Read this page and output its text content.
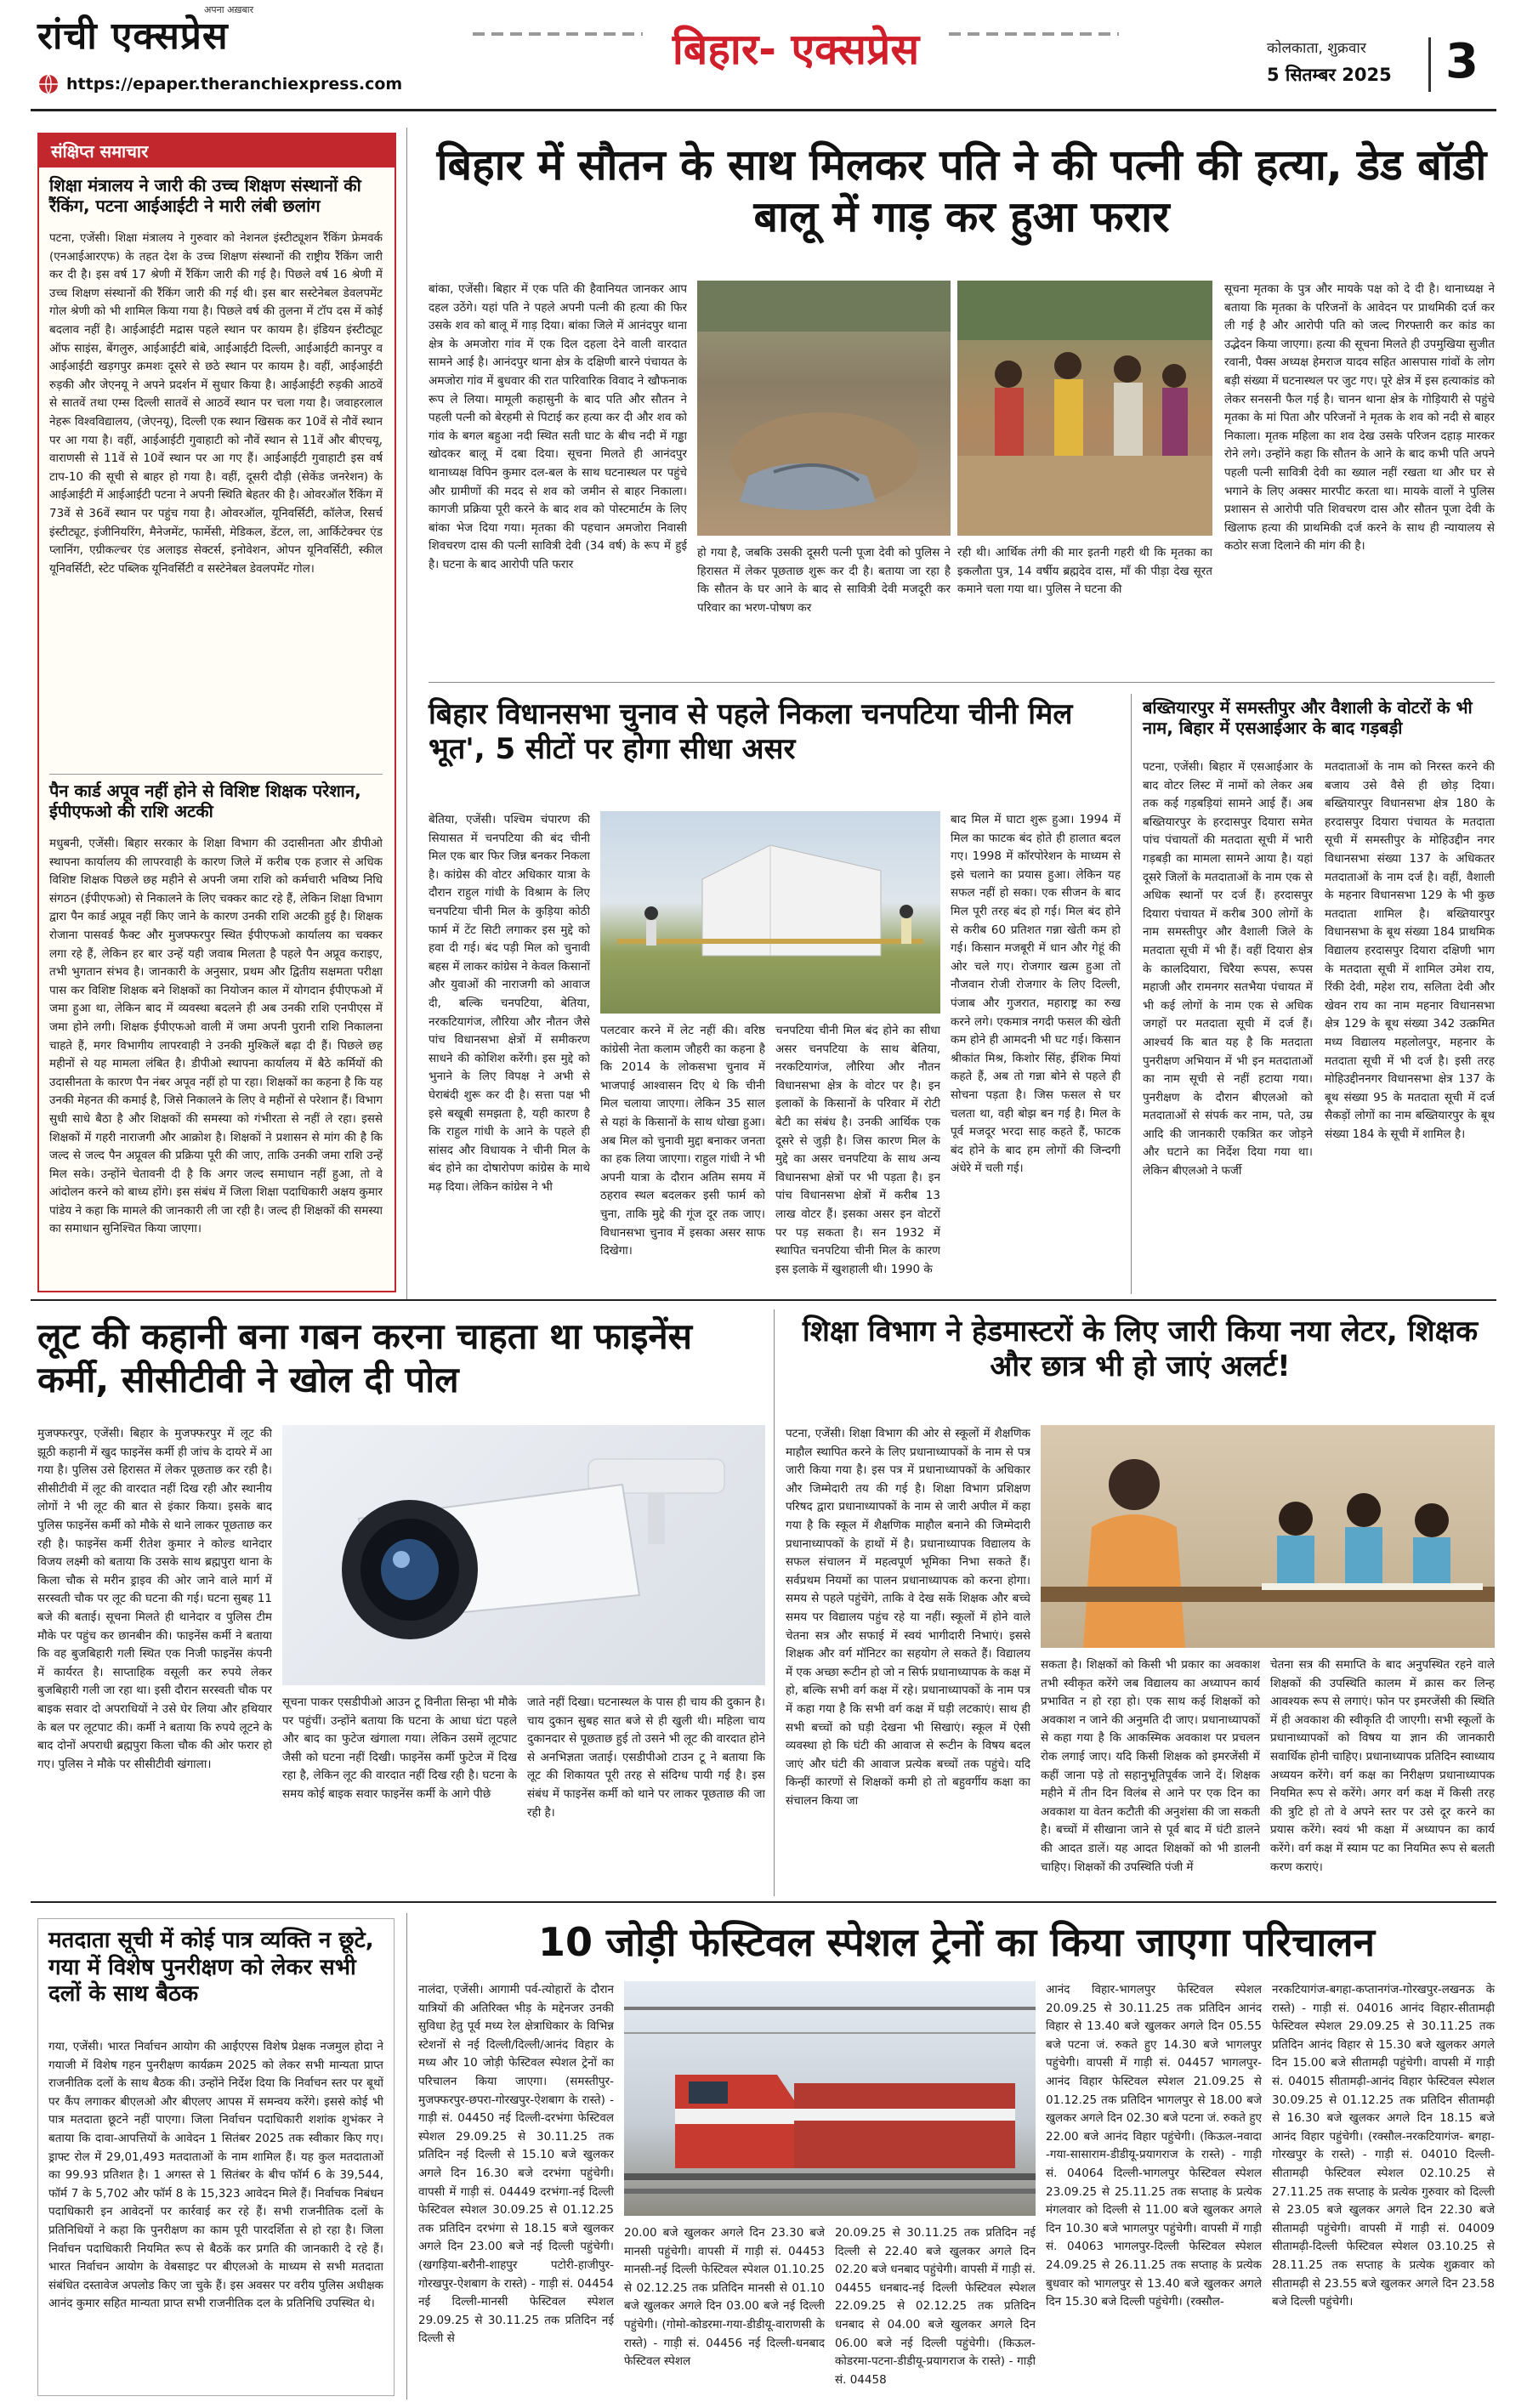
रांची एक्सप्रेस
अपना अख़बार
https://epaper.theranchiexpress.com
बिहार- एक्सप्रेस	कोलकाता, शुक्रवार
5 सितम्बर 2025 3
संक्षिप्त समाचार
शिक्षा मंत्रालय ने जारी की उच्च शिक्षण संस्थानों की रैंकिंग, पटना आईआईटी ने मारी लंबी छलांग
पटना, एजेंसी। शिक्षा मंत्रालय ने गुरुवार को नेशनल इंस्टीट्यूशन रैंकिंग फ्रेमवर्क (एनआईआरएफ) के तहत देश के उच्च शिक्षण संस्थानों की राष्ट्रीय रैंकिंग जारी कर दी है। इस वर्ष 17 श्रेणी में रैंकिंग जारी की गई है। पिछले वर्ष 16 श्रेणी में उच्च शिक्षण संस्थानों की रैंकिंग जारी की गई थी। इस बार सस्टेनेबल डेवलपमेंट गोल श्रेणी को भी शामिल किया गया है। पिछले वर्ष की तुलना में टॉप दस में कोई बदलाव नहीं है। आईआईटी मद्रास पहले स्थान पर कायम है। इंडियन इंस्टीट्यूट ऑफ साइंस, बेंगलुरु, आईआईटी बांबे, आईआईटी दिल्ली, आईआईटी कानपुर व आईआईटी खड़गपुर क्रमशः दूसरे से छठे स्थान पर कायम है। वहीं, आईआईटी रुड़की और जेएनयू ने अपने प्रदर्शन में सुधार किया है। आईआईटी रुड़की आठवें से सातवें तथा एम्स दिल्ली सातवें से आठवें स्थान पर चला गया है। जवाहरलाल नेहरू विश्वविद्यालय, (जेएनयू), दिल्ली एक स्थान खिसक कर 10वें से नौवें स्थान पर आ गया है। वहीं, आईआईटी गुवाहाटी को नौवें स्थान से 11वें और बीएचयू, वाराणसी से 11वें से 10वें स्थान पर आ गए हैं। आईआईटी गुवाहाटी इस वर्ष टाप-10 की सूची से बाहर हो गया है। वहीं, दूसरी दौड़ी (सेकेंड जनरेशन) के आईआईटी में आईआईटी पटना ने अपनी स्थिति बेहतर की है। ओवरऑल रैंकिंग में 73वें से 36वें स्थान पर पहुंच गया है। ओवरऑल, यूनिवर्सिटी, कॉलेज, रिसर्च इंस्टीट्यूट, इंजीनियरिंग, मैनेजमेंट, फार्मेसी, मेडिकल, डेंटल, ला, आर्किटेक्चर एंड प्लानिंग, एग्रीकल्चर एंड अलाइड सेक्टर्स, इनोवेशन, ओपन यूनिवर्सिटी, स्कील यूनिवर्सिटी, स्टेट पब्लिक यूनिवर्सिटी व सस्टेनेबल डेवलपमेंट गोल।
पैन कार्ड अपूव नहीं होने से विशिष्ट शिक्षक परेशान, ईपीएफओ की राशि अटकी
मधुबनी, एजेंसी। बिहार सरकार के शिक्षा विभाग की उदासीनता और डीपीओ स्थापना कार्यालय की लापरवाही के कारण जिले में करीब एक हजार से अधिक विशिष्ट शिक्षक पिछले छह महीने से अपनी जमा राशि को कर्मचारी भविष्य निधि संगठन (ईपीएफओ) से निकालने के लिए चक्कर काट रहे हैं, लेकिन शिक्षा विभाग द्वारा पैन कार्ड अप्रूव नहीं किए जाने के कारण उनकी राशि अटकी हुई है। शिक्षक रोजाना पासवर्ड फैक्ट और मुजफ्फरपुर स्थित ईपीएफओ कार्यालय का चक्कर लगा रहे हैं, लेकिन हर बार उन्हें यही जवाब मिलता है पहले पैन अप्रूव कराइए, तभी भुगतान संभव है। जानकारी के अनुसार, प्रथम और द्वितीय सक्षमता परीक्षा पास कर विशिष्ट शिक्षक बने शिक्षकों का नियोजन काल में योगदान ईपीएफओ में जमा हुआ था, लेकिन बाद में व्यवस्था बदलने ही अब उनकी राशि एनपीएस में जमा होने लगी। शिक्षक ईपीएफओ वाली में जमा अपनी पुरानी राशि निकालना चाहते हैं, मगर विभागीय लापरवाही ने उनकी मुश्किलें बढ़ा दी हैं। पिछले छह महीनों से यह मामला लंबित है। डीपीओ स्थापना कार्यालय में बैठे कर्मियों की उदासीनता के कारण पैन नंबर अपूव नहीं हो पा रहा। शिक्षकों का कहना है कि यह उनकी मेहनत की कमाई है, जिसे निकालने के लिए वे महीनों से परेशान हैं। विभाग सुधी साधे बैठा है और शिक्षकों की समस्या को गंभीरता से नहीं ले रहा। इससे शिक्षकों में गहरी नाराजगी और आक्रोश है। शिक्षकों ने प्रशासन से मांग की है कि जल्द से जल्द पैन अप्रूवल की प्रक्रिया पूरी की जाए, ताकि उनकी जमा राशि उन्हें मिल सके। उन्होंने चेतावनी दी है कि अगर जल्द समाधान नहीं हुआ, तो वे आंदोलन करने को बाध्य होंगे। इस संबंध में जिला शिक्षा पदाधिकारी अक्षय कुमार पांडेय ने कहा कि मामले की जानकारी ली जा रही है। जल्द ही शिक्षकों की समस्या का समाधान सुनिश्चित किया जाएगा।
बिहार में सौतन के साथ मिलकर पति ने की पत्नी की हत्या, डेड बॉडी बालू में गाड़ कर हुआ फरार
बांका, एजेंसी। बिहार में एक पति की हैवानियत जानकर आप दहल उठेंगे। यहां पति ने पहले अपनी पत्नी की हत्या की फिर उसके शव को बालू में गाड़ दिया। बांका जिले में आनंदपुर थाना क्षेत्र के अमजोरा गांव में एक दिल दहला देने वाली वारदात सामने आई है। आनंदपुर थाना क्षेत्र के दक्षिणी बारने पंचायत के अमजोरा गांव में बुधवार की रात पारिवारिक विवाद ने खौफनाक रूप ले लिया। मामूली कहासुनी के बाद पति और सौतन ने पहली पत्नी को बेरहमी से पिटाई कर हत्या कर दी और शव को गांव के बगल बहुआ नदी स्थित सती घाट के बीच नदी में गड्ढा खोदकर बालू में दबा दिया। सूचना मिलते ही आनंदपुर थानाध्यक्ष विपिन कुमार दल-बल के साथ घटनास्थल पर पहुंचे और ग्रामीणों की मदद से शव को जमीन से बाहर निकाला। कागजी प्रक्रिया पूरी करने के बाद शव को पोस्टमार्टम के लिए बांका भेज दिया गया। मृतका की पहचान अमजोरा निवासी शिवचरण दास की पत्नी सावित्री देवी (34 वर्ष) के रूप में हुई है। घटना के बाद आरोपी पति फरार
हो गया है, जबकि उसकी दूसरी पत्नी पूजा देवी को पुलिस ने हिरासत में लेकर पूछताछ शुरू कर दी है। बताया जा रहा है कि सौतन के घर आने के बाद से सावित्री देवी मजदूरी कर परिवार का भरण-पोषण कर
रही थी। आर्थिक तंगी की मार इतनी गहरी थी कि मृतका का इकलौता पुत्र, 14 वर्षीय ब्रह्मदेव दास, माँ की पीड़ा देख सूरत कमाने चला गया था। पुलिस ने घटना की
सूचना मृतका के पुत्र और मायके पक्ष को दे दी है। थानाध्यक्ष ने बताया कि मृतका के परिजनों के आवेदन पर प्राथमिकी दर्ज कर ली गई है और आरोपी पति को जल्द गिरफ्तारी कर कांड का उद्भेदन किया जाएगा। हत्या की सूचना मिलते ही उपमुखिया सुजीत रवानी, पैक्स अध्यक्ष हेमराज यादव सहित आसपास गांवों के लोग बड़ी संख्या में घटनास्थल पर जुट गए। पूरे क्षेत्र में इस हत्याकांड को लेकर सनसनी फैल गई है। चानन थाना क्षेत्र के गोड़ियारी से पहुंचे मृतका के मां पिता और परिजनों ने मृतक के शव को नदी से बाहर निकाला। मृतक महिला का शव देख उसके परिजन दहाड़ मारकर रोने लगे। उन्होंने कहा कि सौतन के आने के बाद कभी पति अपने पहली पत्नी सावित्री देवी का ख्याल नहीं रखता था और घर से भगाने के लिए अक्सर मारपीट करता था। मायके वालों ने पुलिस प्रशासन से आरोपी पति शिवचरण दास और सौतन पूजा देवी के खिलाफ हत्या की प्राथमिकी दर्ज करने के साथ ही न्यायालय से कठोर सजा दिलाने की मांग की है।
बिहार विधानसभा चुनाव से पहले निकला चनपटिया चीनी मिल भूत', 5 सीटों पर होगा सीधा असर
बेतिया, एजेंसी। पश्चिम चंपारण की सियासत में चनपटिया की बंद चीनी मिल एक बार फिर जिन्न बनकर निकला है। कांग्रेस की वोटर अधिकार यात्रा के दौरान राहुल गांधी के विश्राम के लिए चनपटिया चीनी मिल के कुड़िया कोठी फार्म में टेंट सिटी लगाकर इस मुद्दे को हवा दी गई। बंद पड़ी मिल को चुनावी बहस में लाकर कांग्रेस ने केवल किसानों और युवाओं की नाराजगी को आवाज दी, बल्कि चनपटिया, बेतिया, नरकटियागंज, लौरिया और नौतन जैसे पांच विधानसभा क्षेत्रों में समीकरण साधने की कोशिश करेंगी। इस मुद्दे को भुनाने के लिए विपक्ष ने अभी से घेराबंदी शुरू कर दी है। सत्ता पक्ष भी इसे बखूबी समझता है, यही कारण है कि राहुल गांधी के आने के पहले ही सांसद और विधायक ने चीनी मिल के बंद होने का दोषारोपण कांग्रेस के माथे मढ़ दिया। लेकिन कांग्रेस ने भी
पलटवार करने में लेट नहीं की। वरिष्ठ कांग्रेसी नेता कलाम जौहरी का कहना है कि 2014 के लोकसभा चुनाव में भाजपाई आश्वासन दिए थे कि चीनी मिल चलाया जाएगा। लेकिन 35 साल से यहां के किसानों के साथ धोखा हुआ। अब मिल को चुनावी मुद्दा बनाकर जनता का हक लिया जाएगा। राहुल गांधी ने भी अपनी यात्रा के दौरान अतिम समय में ठहराव स्थल बदलकर इसी फार्म को चुना, ताकि मुद्दे की गूंज दूर तक जाए। विधानसभा चुनाव में इसका असर साफ दिखेगा।
चनपटिया चीनी मिल बंद होने का सीधा असर चनपटिया के साथ बेतिया, नरकटियागंज, लौरिया और नौतन विधानसभा क्षेत्र के वोटर पर है। इन इलाकों के किसानों के परिवार में रोटी बेटी का संबंध है। उनकी आर्थिक एक दूसरे से जुड़ी है। जिस कारण मिल के मुद्दे का असर चनपटिया के साथ अन्य विधानसभा क्षेत्रों पर भी पड़ता है। इन पांच विधानसभा क्षेत्रों में करीब 13 लाख वोटर हैं। इसका असर इन वोटरों पर पड़ सकता है। सन 1932 में स्थापित चनपटिया चीनी मिल के कारण इस इलाके में खुशहाली थी। 1990 के
बाद मिल में घाटा शुरू हुआ। 1994 में मिल का फाटक बंद होते ही हालात बदल गए। 1998 में कॉरपोरेशन के माध्यम से इसे चलाने का प्रयास हुआ। लेकिन यह सफल नहीं हो सका। एक सीजन के बाद मिल पूरी तरह बंद हो गई। मिल बंद होने से करीब 60 प्रतिशत गन्ना खेती कम हो गई। किसान मजबूरी में धान और गेहूं की ओर चले गए। रोजगार खत्म हुआ तो नौजवान रोजी रोजगार के लिए दिल्ली, पंजाब और गुजरात, महाराष्ट्र का रुख करने लगे। एकमात्र नगदी फसल की खेती कम होने ही आमदनी भी घट गई। किसान श्रीकांत मिश्र, किशोर सिंह, ईशिक मियां कहते हैं, अब तो गन्ना बोने से पहले ही सोचना पड़ता है। जिस फसल से घर चलता था, वही बोझ बन गई है। मिल के पूर्व मजदूर भरदा साह कहते हैं, फाटक बंद होने के बाद हम लोगों की जिन्दगी अंधेरे में चली गई।
बख्तियारपुर में समस्तीपुर और वैशाली के वोटरों के भी नाम, बिहार में एसआईआर के बाद गड़बड़ी
पटना, एजेंसी। बिहार में एसआईआर के बाद वोटर लिस्ट में नामों को लेकर अब तक कई गड़बड़ियां सामने आई हैं। अब बख्तियारपुर के हरदासपुर दियारा समेत पांच पंचायतों की मतदाता सूची में भारी गड़बड़ी का मामला सामने आया है। यहां दूसरे जिलों के मतदाताओं के नाम एक से अधिक स्थानों पर दर्ज हैं। हरदासपुर दियारा पंचायत में करीब 300 लोगों के नाम समस्तीपुर और वैशाली जिले के मतदाता सूची में भी हैं। वहीं दियारा क्षेत्र के कालदियारा, चिरैया रूपस, रूपस महाजी और रामनगर सतभैया पंचायत में भी कई लोगों के नाम एक से अधिक जगहों पर मतदाता सूची में दर्ज हैं। आश्चर्य कि बात यह है कि मतदाता पुनरीक्षण अभियान में भी इन मतदाताओं का नाम सूची से नहीं हटाया गया। पुनरीक्षण के दौरान बीएलओ को मतदाताओं से संपर्क कर नाम, पते, उम्र आदि की जानकारी एकत्रित कर जोड़ने और घटाने का निर्देश दिया गया था। लेकिन बीएलओ ने फर्जी
मतदाताओं के नाम को निरस्त करने की बजाय उसे वैसे ही छोड़ दिया। बख्तियारपुर विधानसभा क्षेत्र 180 के हरदासपुर दियारा पंचायत के मतदाता सूची में समस्तीपुर के मोहिउद्दीन नगर विधानसभा संख्या 137 के अधिकतर मतदाताओं के नाम दर्ज है। वहीं, वैशाली के महनार विधानसभा 129 के भी कुछ मतदाता शामिल है। बख्तियारपुर विधानसभा के बूथ संख्या 184 प्राथमिक विद्यालय हरदासपुर दियारा दक्षिणी भाग के मतदाता सूची में शामिल उमेश राय, रिंकी देवी, महेश राय, सलिता देवी और खेवन राय का नाम महनार विधानसभा क्षेत्र 129 के बूथ संख्या 342 उत्क्रमित मध्य विद्यालय महलोलपुर, महनार के मतदाता सूची में भी दर्ज है। इसी तरह मोहिउद्दीननगर विधानसभा क्षेत्र 137 के बूथ संख्या 95 के मतदाता सूची में दर्ज सैकड़ों लोगों का नाम बख्तियारपुर के बूथ संख्या 184 के सूची में शामिल है।
लूट की कहानी बना गबन करना चाहता था फाइनेंस कर्मी, सीसीटीवी ने खोल दी पोल
मुजफ्फरपुर, एजेंसी। बिहार के मुजफ्फरपुर में लूट की झूठी कहानी में खुद फाइनेंस कर्मी ही जांच के दायरे में आ गया है। पुलिस उसे हिरासत में लेकर पूछताछ कर रही है। सीसीटीवी में लूट की वारदात नहीं दिख रही और स्थानीय लोगों ने भी लूट की बात से इंकार किया। इसके बाद पुलिस फाइनेंस कर्मी को मौके से थाने लाकर पूछताछ कर रही है। फाइनेंस कर्मी रीतेश कुमार ने कोल्ड थानेदार विजय लक्ष्मी को बताया कि उसके साथ ब्रह्मपुरा थाना के किला चौक से मरीन ड्राइव की ओर जाने वाले मार्ग में सरस्वती चौक पर लूट की घटना की गई। घटना सुबह 11 बजे की बताई। सूचना मिलते ही थानेदार व पुलिस टीम मौके पर पहुंच कर छानबीन की। फाइनेंस कर्मी ने बताया कि वह बुजबिहारी गली स्थित एक निजी फाइनेंस कंपनी में कार्यरत है। साप्ताहिक वसूली कर रुपये लेकर बुजबिहारी गली जा रहा था। इसी दौरान सरस्वती चौक पर बाइक सवार दो अपराधियों ने उसे घेर लिया और हथियार के बल पर लूटपाट की। कर्मी ने बताया कि रुपये लूटने के बाद दोनों अपराधी ब्रह्मपुरा किला चौक की ओर फरार हो गए। पुलिस ने मौके पर सीसीटीवी खंगाला।
सूचना पाकर एसडीपीओ आउन टू विनीता सिन्हा भी मौके पर पहुंचीं। उन्होंने बताया कि घटना के आधा घंटा पहले और बाद का फुटेज खंगाला गया। लेकिन उसमें लूटपाट जैसी को घटना नहीं दिखी। फाइनेंस कर्मी फुटेज में दिख रहा है, लेकिन लूट की वारदात नहीं दिख रही है। घटना के समय कोई बाइक सवार फाइनेंस कर्मी के आगे पीछे
जाते नहीं दिखा। घटनास्थल के पास ही चाय की दुकान है। चाय दुकान सुबह सात बजे से ही खुली थी। महिला चाय दुकानदार से पूछताछ हुई तो उसने भी लूट की वारदात होने से अनभिज्ञता जताई। एसडीपीओ टाउन टू ने बताया कि लूट की शिकायत पूरी तरह से संदिग्ध पायी गई है। इस संबंध में फाइनेंस कर्मी को थाने पर लाकर पूछताछ की जा रही है।
शिक्षा विभाग ने हेडमास्टरों के लिए जारी किया नया लेटर, शिक्षक और छात्र भी हो जाएं अलर्ट!
पटना, एजेंसी। शिक्षा विभाग की ओर से स्कूलों में शैक्षणिक माहौल स्थापित करने के लिए प्रधानाध्यापकों के नाम से पत्र जारी किया गया है। इस पत्र में प्रधानाध्यापकों के अधिकार और जिम्मेदारी तय की गई है। शिक्षा विभाग प्रशिक्षण परिषद द्वारा प्रधानाध्यापकों के नाम से जारी अपील में कहा गया है कि स्कूल में शैक्षणिक माहौल बनाने की जिम्मेदारी प्रधानाध्यापकों के हाथों में है। प्रधानाध्यापक विद्यालय के सफल संचालन में महत्वपूर्ण भूमिका निभा सकते हैं। सर्वप्रथम नियमों का पालन प्रधानाध्यापक को करना होगा। समय से पहले पहुंचेंगे, ताकि वे देख सकें शिक्षक और बच्चे समय पर विद्यालय पहुंच रहे या नहीं। स्कूलों में होने वाले चेतना सत्र और सफाई में स्वयं भागीदारी निभाएं। इससे शिक्षक और वर्ग मॉनिटर का सहयोग ले सकते हैं। विद्यालय में एक अच्छा रूटीन हो जो न सिर्फ प्रधानाध्यापक के कक्ष में हो, बल्कि सभी वर्ग कक्ष में रहे। प्रधानाध्यापकों के नाम पत्र में कहा गया है कि सभी वर्ग कक्ष में घड़ी लटकाएं। साथ ही सभी बच्चों को घड़ी देखना भी सिखाएं। स्कूल में ऐसी व्यवस्था हो कि घंटी की आवाज से रूटीन के विषय बदल जाएं और घंटी की आवाज प्रत्येक बच्चों तक पहुंचे। यदि किन्हीं कारणों से शिक्षकों कमी हो तो बहुवर्गीय कक्षा का संचालन किया जा
सकता है। शिक्षकों को किसी भी प्रकार का अवकाश तभी स्वीकृत करेंगे जब विद्यालय का अध्यापन कार्य प्रभावित न हो रहा हो। एक साथ कई शिक्षकों को अवकाश न जाने की अनुमति दी जाए। प्रधानाध्यापकों से कहा गया है कि आकस्मिक अवकाश पर प्रचलन रोक लगाई जाए। यदि किसी शिक्षक को इमरजेंसी में कहीं जाना पड़े तो सहानुभूतिपूर्वक जाने दें। शिक्षक महीने में तीन दिन विलंब से आने पर एक दिन का अवकाश या वेतन कटौती की अनुशंसा की जा सकती है। बच्चों में सीखाना जाने से पूर्व बाद में घंटी डालने की आदत डालें। यह आदत शिक्षकों को भी डालनी चाहिए। शिक्षकों की उपस्थिति पंजी में
चेतना सत्र की समाप्ति के बाद अनुपस्थित रहने वाले शिक्षकों की उपस्थिति कालम में क्रास कर लिन्ह आवश्यक रूप से लगाएं। फोन पर इमरजेंसी की स्थिति में ही अवकाश की स्वीकृति दी जाएगी। सभी स्कूलों के प्रधानाध्यापकों को विषय या ज्ञान की जानकारी सवार्धिक होनी चाहिए। प्रधानाध्यापक प्रतिदिन स्वाध्याय अध्ययन करेंगे। वर्ग कक्ष का निरीक्षण प्रधानाध्यापक नियमित रूप से करेंगे। अगर वर्ग कक्ष में किसी तरह की त्रुटि हो तो वे अपने स्तर पर उसे दूर करने का प्रयास करेंगे। स्वयं भी कक्षा में अध्यापन का कार्य करेंगे। वर्ग कक्ष में स्याम पट का नियमित रूप से बलती करण कराएं।
मतदाता सूची में कोई पात्र व्यक्ति न छूटे, गया में विशेष पुनरीक्षण को लेकर सभी दलों के साथ बैठक
गया, एजेंसी। भारत निर्वाचन आयोग की आईएएस विशेष प्रेक्षक नजमुल होदा ने गयाजी में विशेष गहन पुनरीक्षण कार्यक्रम 2025 को लेकर सभी मान्यता प्राप्त राजनीतिक दलों के साथ बैठक की। उन्होंने निर्देश दिया कि निर्वाचन स्तर पर बूथों पर कैंप लगाकर बीएलओ और बीएलए आपस में समन्वय करेंगे। इससे कोई भी पात्र मतदाता छूटने नहीं पाएगा। जिला निर्वाचन पदाधिकारी शशांक शुभंकर ने बताया कि दावा-आपत्तियों के आवेदन 1 सितंबर 2025 तक स्वीकार किए गए। ड्राफ्ट रोल में 29,01,493 मतदाताओं के नाम शामिल हैं। यह कुल मतदाताओं का 99.93 प्रतिशत है। 1 अगस्त से 1 सितंबर के बीच फॉर्म 6 के 39,544, फॉर्म 7 के 5,702 और फॉर्म 8 के 15,323 आवेदन मिले हैं। निर्वाचक निबंधन पदाधिकारी इन आवेदनों पर कार्रवाई कर रहे हैं। सभी राजनीतिक दलों के प्रतिनिधियों ने कहा कि पुनरीक्षण का काम पूरी पारदर्शिता से हो रहा है। जिला निर्वाचन पदाधिकारी नियमित रूप से बैठकें कर प्रगति की जानकारी दे रहे हैं। भारत निर्वाचन आयोग के वेबसाइट पर बीएलओ के माध्यम से सभी मतदाता संबंधित दस्तावेज अपलोड किए जा चुके हैं। इस अवसर पर वरीय पुलिस अधीक्षक आनंद कुमार सहित मान्यता प्राप्त सभी राजनीतिक दल के प्रतिनिधि उपस्थित थे।
10 जोड़ी फेस्टिवल स्पेशल ट्रेनों का किया जाएगा परिचालन
नालंदा, एजेंसी। आगामी पर्व-त्योहारों के दौरान यात्रियों की अतिरिक्त भीड़ के मद्देनजर उनकी सुविधा हेतु पूर्व मध्य रेल क्षेत्राधिकार के विभिन्न स्टेशनों से नई दिल्ली/दिल्ली/आनंद विहार के मध्य और 10 जोड़ी फेस्टिवल स्पेशल ट्रेनों का परिचालन किया जाएगा। (समस्तीपुर- मुजफ्फरपुर-छपरा-गोरखपुर-ऐशबाग के रास्ते) - गाड़ी सं. 04450 नई दिल्ली-दरभंगा फेस्टिवल स्पेशल 29.09.25 से 30.11.25 तक प्रतिदिन नई दिल्ली से 15.10 बजे खुलकर अगले दिन 16.30 बजे दरभंगा पहुंचेगी। वापसी में गाड़ी सं. 04449 दरभंगा-नई दिल्ली फेस्टिवल स्पेशल 30.09.25 से 01.12.25 तक प्रतिदिन दरभंगा से 18.15 बजे खुलकर अगले दिन 23.00 बजे नई दिल्ली पहुंचेगी। (खगड़िया-बरौनी-शाहपुर पटोरी-हाजीपुर-गोरखपुर-ऐशबाग के रास्ते) - गाड़ी सं. 04454 नई दिल्ली-मानसी फेस्टिवल स्पेशल 29.09.25 से 30.11.25 तक प्रतिदिन नई दिल्ली से
20.00 बजे खुलकर अगले दिन 23.30 बजे मानसी पहुंचेगी। वापसी में गाड़ी सं. 04453 मानसी-नई दिल्ली फेस्टिवल स्पेशल 01.10.25 से 02.12.25 तक प्रतिदिन मानसी से 01.10 बजे खुलकर अगले दिन 03.00 बजे नई दिल्ली पहुंचेगी। (गोमो-कोडरमा-गया-डीडीयू-वाराणसी के रास्ते) - गाड़ी सं. 04456 नई दिल्ली-धनबाद फेस्टिवल स्पेशल
20.09.25 से 30.11.25 तक प्रतिदिन नई दिल्ली से 22.40 बजे खुलकर अगले दिन 02.20 बजे धनबाद पहुंचेगी। वापसी में गाड़ी सं. 04455 धनबाद-नई दिल्ली फेस्टिवल स्पेशल 22.09.25 से 02.12.25 तक प्रतिदिन धनबाद से 04.00 बजे खुलकर अगले दिन 06.00 बजे नई दिल्ली पहुंचेगी। (किऊल-कोडरमा-पटना-डीडीयू-प्रयागराज के रास्ते) - गाड़ी सं. 04458
आनंद विहार-भागलपुर फेस्टिवल स्पेशल 20.09.25 से 30.11.25 तक प्रतिदिन आनंद विहार से 13.40 बजे खुलकर अगले दिन 05.55 बजे पटना जं. रुकते हुए 14.30 बजे भागलपुर पहुंचेगी। वापसी में गाड़ी सं. 04457 भागलपुर-आनंद विहार फेस्टिवल स्पेशल 21.09.25 से 01.12.25 तक प्रतिदिन भागलपुर से 18.00 बजे खुलकर अगले दिन 02.30 बजे पटना जं. रुकते हुए 22.00 बजे आनंद विहार पहुंचेगी। (किऊल-नवादा -गया-सासाराम-डीडीयू-प्रयागराज के रास्ते) - गाड़ी सं. 04064 दिल्ली-भागलपुर फेस्टिवल स्पेशल 23.09.25 से 25.11.25 तक सप्ताह के प्रत्येक मंगलवार को दिल्ली से 11.00 बजे खुलकर अगले दिन 10.30 बजे भागलपुर पहुंचेगी। वापसी में गाड़ी सं. 04063 भागलपुर-दिल्ली फेस्टिवल स्पेशल 24.09.25 से 26.11.25 तक सप्ताह के प्रत्येक बुधवार को भागलपुर से 13.40 बजे खुलकर अगले दिन 15.30 बजे दिल्ली पहुंचेगी। (रक्सौल-
नरकटियागंज-बगहा-कप्तानगंज-गोरखपुर-लखनऊ के रास्ते) - गाड़ी सं. 04016 आनंद विहार-सीतामढ़ी फेस्टिवल स्पेशल 29.09.25 से 30.11.25 तक प्रतिदिन आनंद विहार से 15.30 बजे खुलकर अगले दिन 15.00 बजे सीतामढ़ी पहुंचेगी। वापसी में गाड़ी सं. 04015 सीतामढ़ी-आनंद विहार फेस्टिवल स्पेशल 30.09.25 से 01.12.25 तक प्रतिदिन सीतामढ़ी से 16.30 बजे खुलकर अगले दिन 18.15 बजे आनंद विहार पहुंचेगी। (रक्सौल-नरकटियागंज- बगहा-गोरखपुर के रास्ते) - गाड़ी सं. 04010 दिल्ली-सीतामढ़ी फेस्टिवल स्पेशल 02.10.25 से 27.11.25 तक सप्ताह के प्रत्येक गुरुवार को दिल्ली से 23.05 बजे खुलकर अगले दिन 22.30 बजे सीतामढ़ी पहुंचेगी। वापसी में गाड़ी सं. 04009 सीतामढ़ी-दिल्ली फेस्टिवल स्पेशल 03.10.25 से 28.11.25 तक सप्ताह के प्रत्येक शुक्रवार को सीतामढ़ी से 23.55 बजे खुलकर अगले दिन 23.58 बजे दिल्ली पहुंचेगी।
